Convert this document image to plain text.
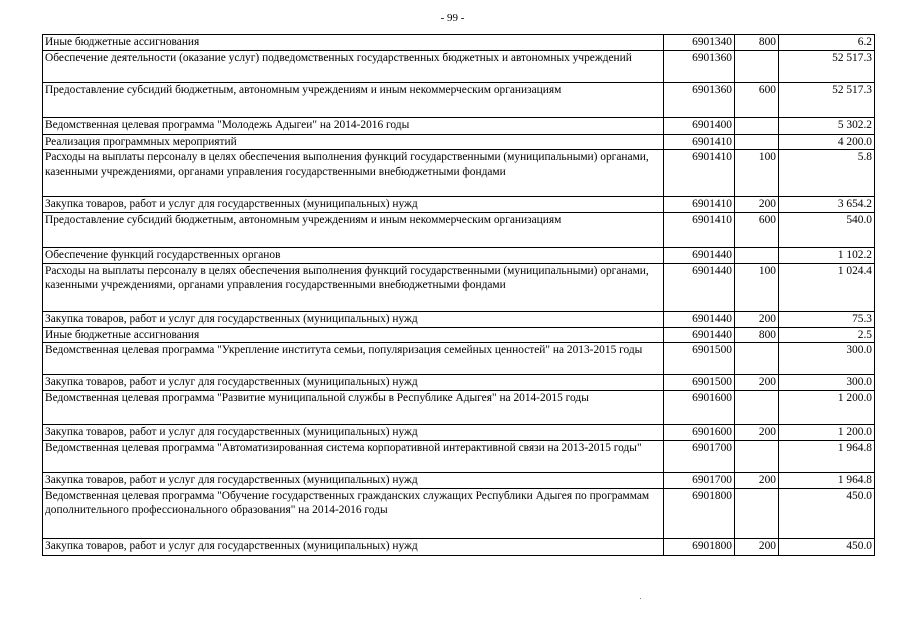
- 99 -
Иные бюджетные ассигнования	6901340	800	6.2
Обеспечение деятельности (оказание услуг) подведомственных государственных бюджетных и автономных учреждений	6901360		52 517.3
Предоставление субсидий бюджетным, автономным учреждениям и иным некоммерческим организациям	6901360	600	52 517.3
Ведомственная целевая программа "Молодежь Адыгеи" на 2014-2016 годы	6901400		5 302.2
Реализация программных мероприятий	6901410		4 200.0
Расходы на выплаты персоналу в целях обеспечения выполнения функций государственными (муниципальными) органами, казенными учреждениями, органами управления государственными внебюджетными фондами	6901410	100	5.8
Закупка товаров, работ и услуг для государственных (муниципальных) нужд	6901410	200	3 654.2
Предоставление субсидий бюджетным, автономным учреждениям и иным некоммерческим организациям	6901410	600	540.0
Обеспечение функций государственных органов	6901440		1 102.2
Расходы на выплаты персоналу в целях обеспечения выполнения функций государственными (муниципальными) органами, казенными учреждениями, органами управления государственными внебюджетными фондами	6901440	100	1 024.4
Закупка товаров, работ и услуг для государственных (муниципальных) нужд	6901440	200	75.3
Иные бюджетные ассигнования	6901440	800	2.5
Ведомственная целевая программа "Укрепление института семьи, популяризация семейных ценностей" на 2013-2015 годы	6901500		300.0
Закупка товаров, работ и услуг для государственных (муниципальных) нужд	6901500	200	300.0
Ведомственная целевая программа "Развитие муниципальной службы в Республике Адыгея" на 2014-2015 годы	6901600		1 200.0
Закупка товаров, работ и услуг для государственных (муниципальных) нужд	6901600	200	1 200.0
Ведомственная целевая программа "Автоматизированная система корпоративной интерактивной связи на 2013-2015 годы"	6901700		1 964.8
Закупка товаров, работ и услуг для государственных (муниципальных) нужд	6901700	200	1 964.8
Ведомственная целевая программа "Обучение государственных гражданских служащих Республики Адыгея по программам дополнительного профессионального образования" на 2014-2016 годы	6901800		450.0
Закупка товаров, работ и услуг для государственных (муниципальных) нужд	6901800	200	450.0
